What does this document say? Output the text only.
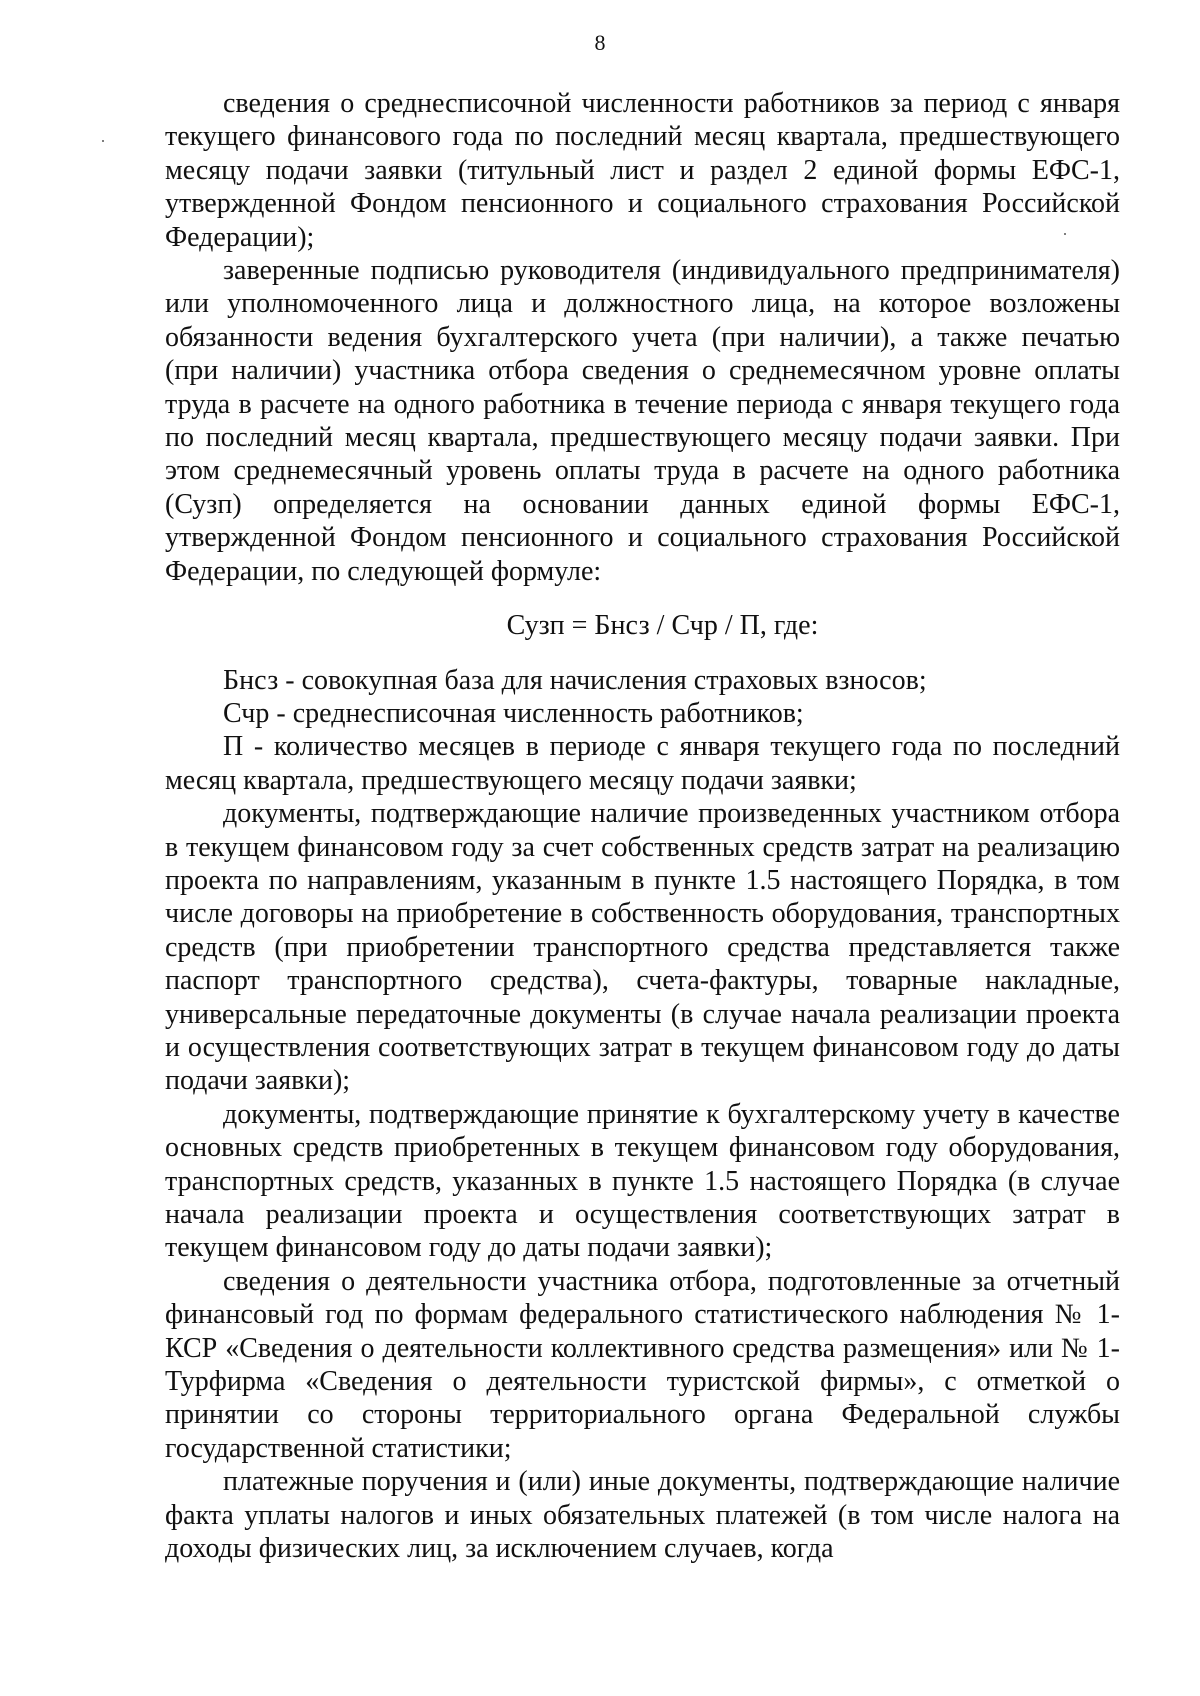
8

сведения о среднесписочной численности работников за период с января текущего финансового года по последний месяц квартала, предшествующего месяцу подачи заявки (титульный лист и раздел 2 единой формы ЕФС-1, утвержденной Фондом пенсионного и социального страхования Российской Федерации);

заверенные подписью руководителя (индивидуального предпринимателя) или уполномоченного лица и должностного лица, на которое возложены обязанности ведения бухгалтерского учета (при наличии), а также печатью (при наличии) участника отбора сведения о среднемесячном уровне оплаты труда в расчете на одного работника в течение периода с января текущего года по последний месяц квартала, предшествующего месяцу подачи заявки. При этом среднемесячный уровень оплаты труда в расчете на одного работника (Сузп) определяется на основании данных единой формы ЕФС-1, утвержденной Фондом пенсионного и социального страхования Российской Федерации, по следующей формуле:

Сузп = Бнсз / Счр / П, где:

Бнсз - совокупная база для начисления страховых взносов;

Счр - среднесписочная численность работников;

П - количество месяцев в периоде с января текущего года по последний месяц квартала, предшествующего месяцу подачи заявки;

документы, подтверждающие наличие произведенных участником отбора в текущем финансовом году за счет собственных средств затрат на реализацию проекта по направлениям, указанным в пункте 1.5 настоящего Порядка, в том числе договоры на приобретение в собственность оборудования, транспортных средств (при приобретении транспортного средства представляется также паспорт транспортного средства), счета-фактуры, товарные накладные, универсальные передаточные документы (в случае начала реализации проекта и осуществления соответствующих затрат в текущем финансовом году до даты подачи заявки);

документы, подтверждающие принятие к бухгалтерскому учету в качестве основных средств приобретенных в текущем финансовом году оборудования, транспортных средств, указанных в пункте 1.5 настоящего Порядка (в случае начала реализации проекта и осуществления соответствующих затрат в текущем финансовом году до даты подачи заявки);

сведения о деятельности участника отбора, подготовленные за отчетный финансовый год по формам федерального статистического наблюдения № 1-КСР «Сведения о деятельности коллективного средства размещения» или № 1-Турфирма «Сведения о деятельности туристской фирмы», с отметкой о принятии со стороны территориального органа Федеральной службы государственной статистики;

платежные поручения и (или) иные документы, подтверждающие наличие факта уплаты налогов и иных обязательных платежей (в том числе налога на доходы физических лиц, за исключением случаев, когда
